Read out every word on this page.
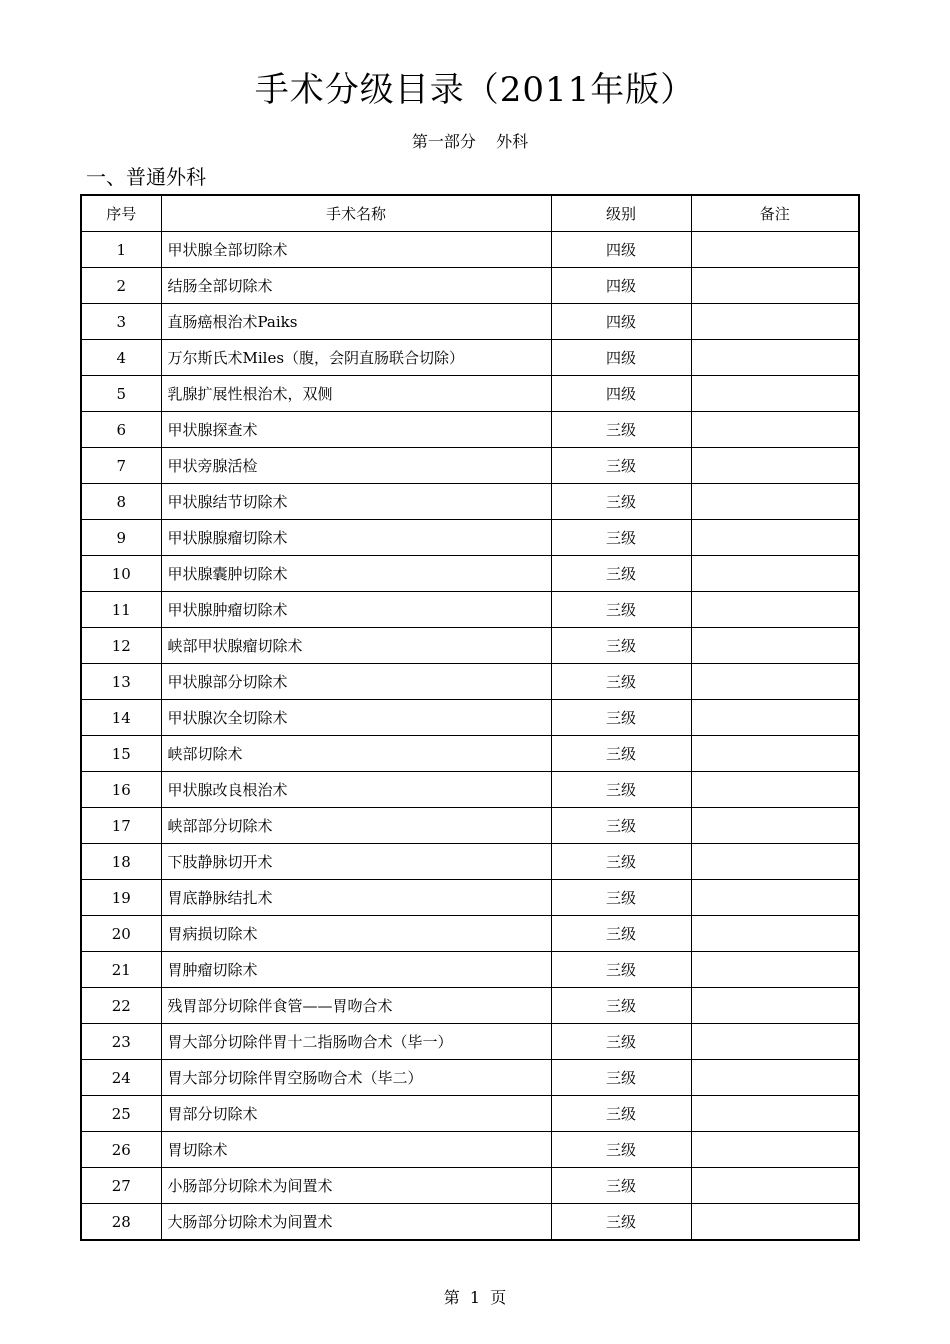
手术分级目录（2011年版）
第一部分    外科
一、普通外科
序号	手术名称	级别	备注
1	甲状腺全部切除术	四级	
2	结肠全部切除术	四级	
3	直肠癌根治术Paiks	四级	
4	万尔斯氏术Miles（腹，会阴直肠联合切除）	四级	
5	乳腺扩展性根治术，双侧	四级	
6	甲状腺探查术	三级	
7	甲状旁腺活检	三级	
8	甲状腺结节切除术	三级	
9	甲状腺腺瘤切除术	三级	
10	甲状腺囊肿切除术	三级	
11	甲状腺肿瘤切除术	三级	
12	峡部甲状腺瘤切除术	三级	
13	甲状腺部分切除术	三级	
14	甲状腺次全切除术	三级	
15	峡部切除术	三级	
16	甲状腺改良根治术	三级	
17	峡部部分切除术	三级	
18	下肢静脉切开术	三级	
19	胃底静脉结扎术	三级	
20	胃病损切除术	三级	
21	胃肿瘤切除术	三级	
22	残胃部分切除伴食管——胃吻合术	三级	
23	胃大部分切除伴胃十二指肠吻合术（毕一）	三级	
24	胃大部分切除伴胃空肠吻合术（毕二）	三级	
25	胃部分切除术	三级	
26	胃切除术	三级	
27	小肠部分切除术为间置术	三级	
28	大肠部分切除术为间置术	三级	
第  1  页
